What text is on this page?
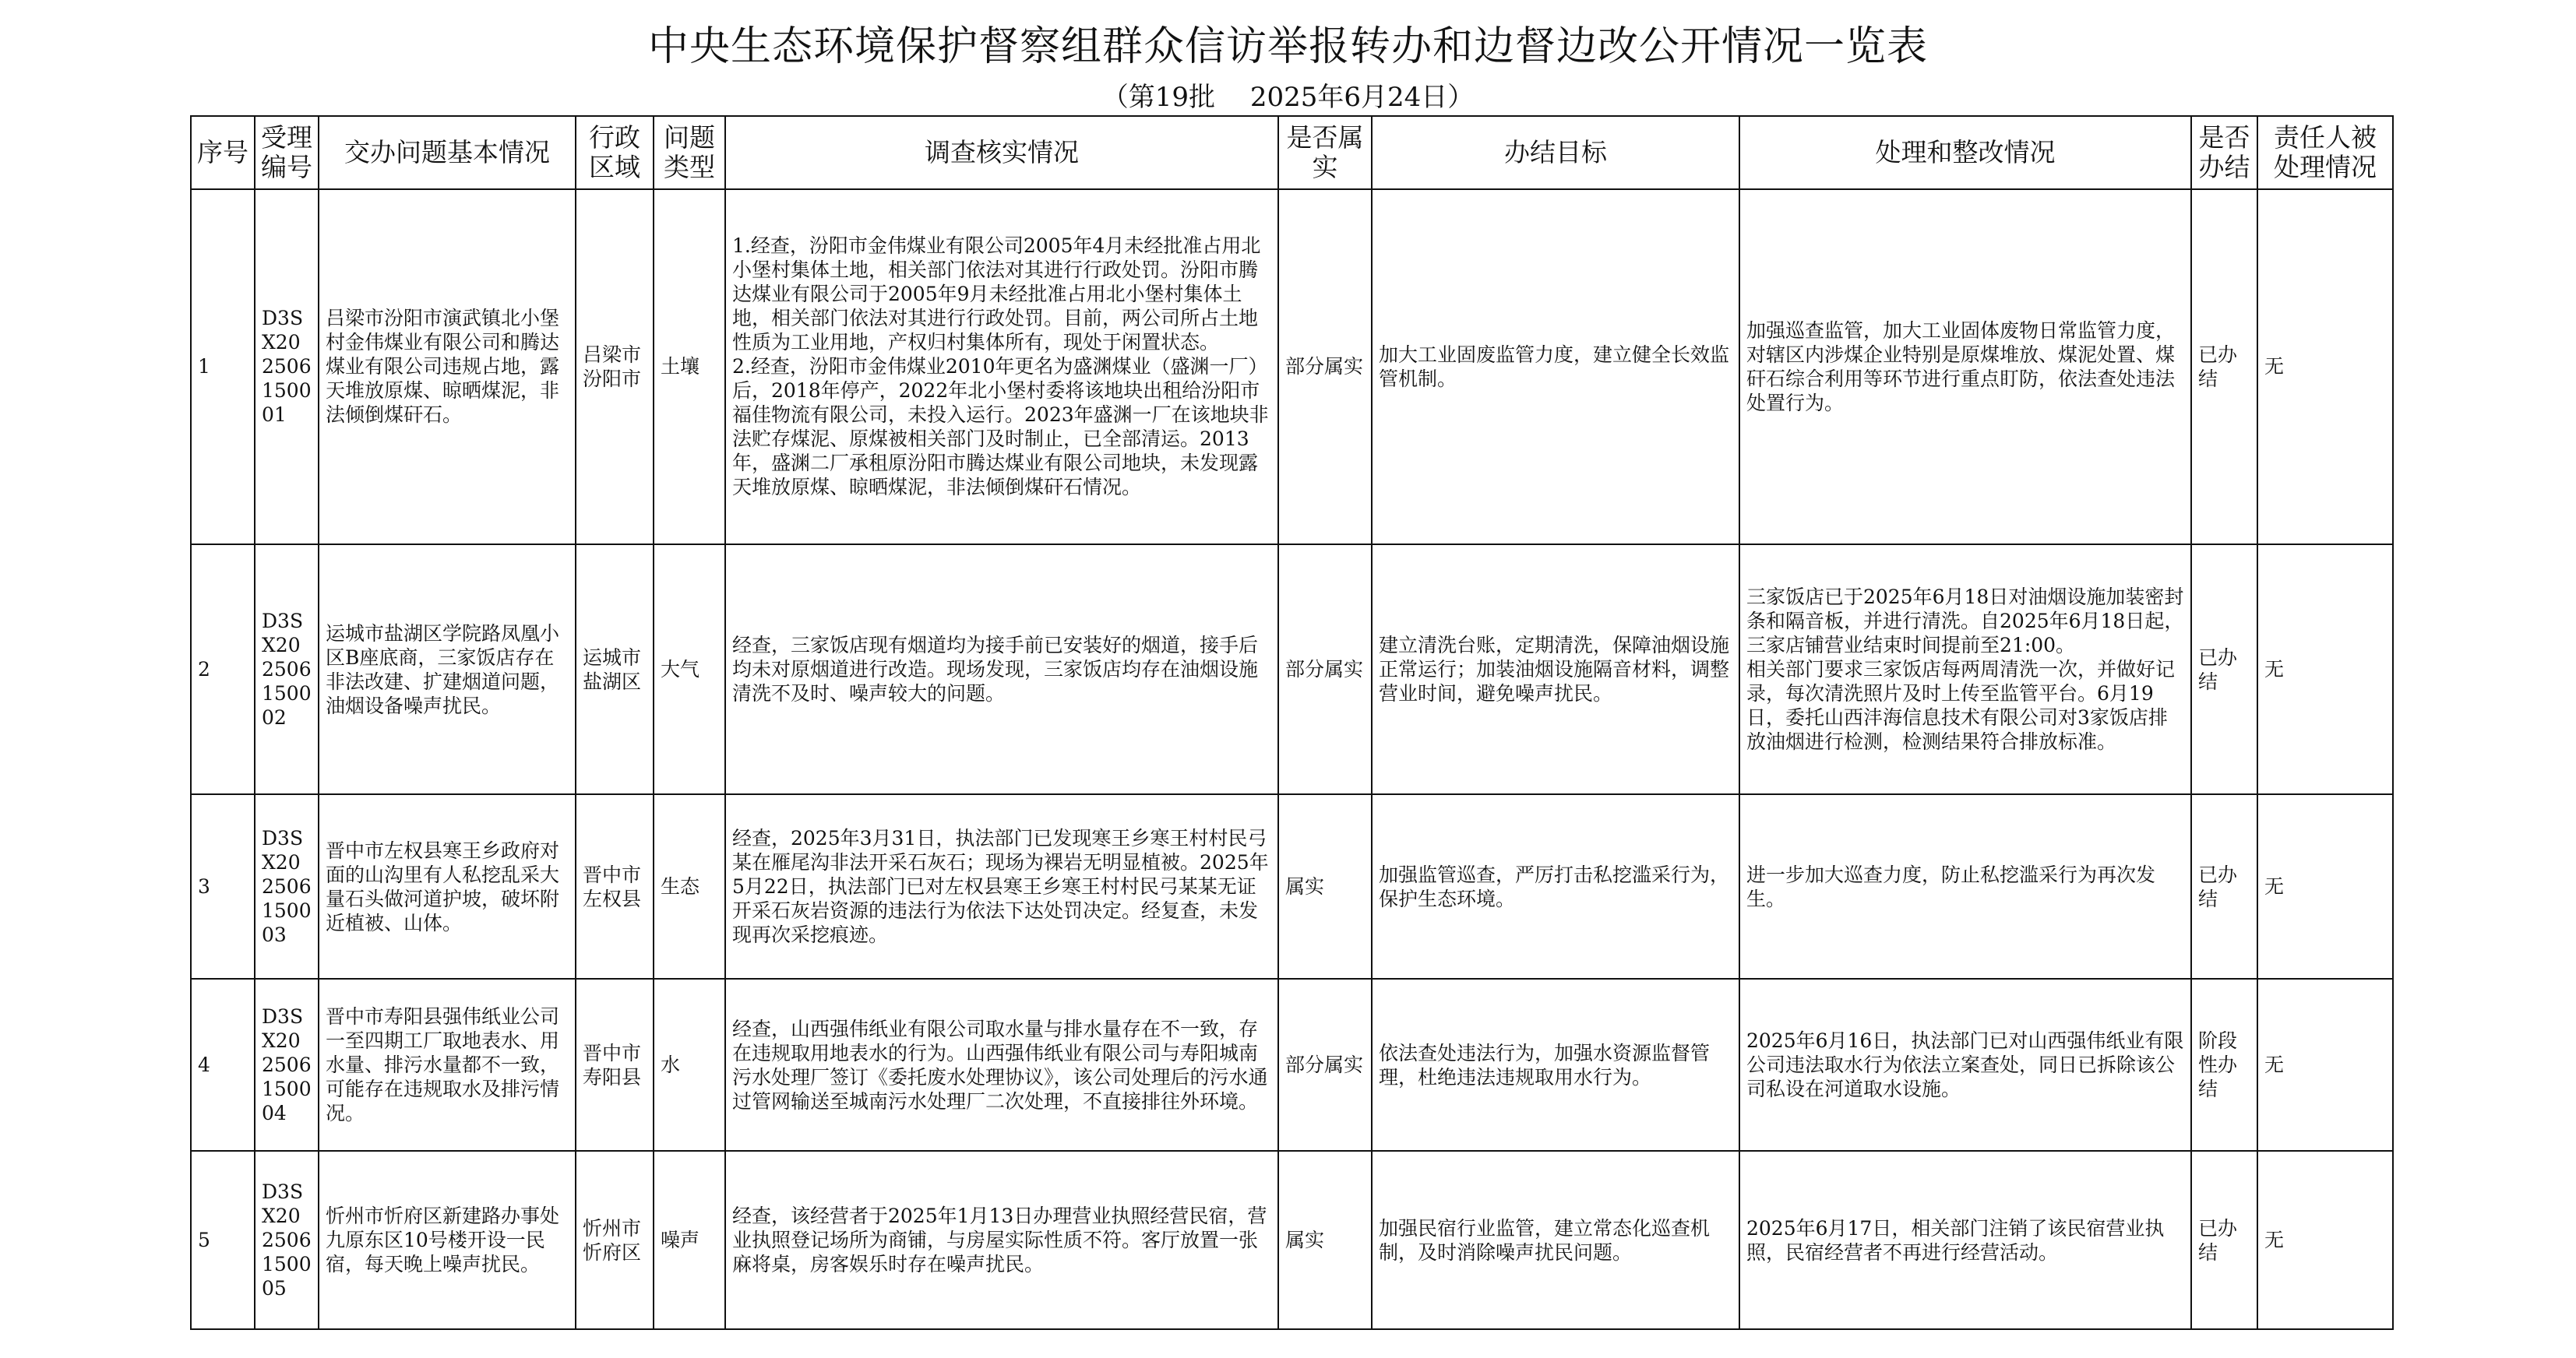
中央生态环境保护督察组群众信访举报转办和边督边改公开情况一览表
（第19批　 2025年6月24日）
序号	受理编号	交办问题基本情况	行政区域	问题类型	调查核实情况	是否属实	办结目标	处理和整改情况	是否办结	责任人被处理情况
1	D3SX202506150001	吕梁市汾阳市演武镇北小堡村金伟煤业有限公司和腾达煤业有限公司违规占地，露天堆放原煤、晾晒煤泥，非法倾倒煤矸石。	吕梁市汾阳市	土壤	1.经查，汾阳市金伟煤业有限公司2005年4月未经批准占用北小堡村集体土地，相关部门依法对其进行行政处罚。汾阳市腾达煤业有限公司于2005年9月未经批准占用北小堡村集体土地，相关部门依法对其进行行政处罚。目前，两公司所占土地性质为工业用地，产权归村集体所有，现处于闲置状态。
2.经查，汾阳市金伟煤业2010年更名为盛渊煤业（盛渊一厂）后，2018年停产，2022年北小堡村委将该地块出租给汾阳市福佳物流有限公司，未投入运行。2023年盛渊一厂在该地块非法贮存煤泥、原煤被相关部门及时制止，已全部清运。2013年，盛渊二厂承租原汾阳市腾达煤业有限公司地块，未发现露天堆放原煤、晾晒煤泥，非法倾倒煤矸石情况。	部分属实	加大工业固废监管力度，建立健全长效监管机制。	加强巡查监管，加大工业固体废物日常监管力度，对辖区内涉煤企业特别是原煤堆放、煤泥处置、煤矸石综合利用等环节进行重点盯防，依法查处违法处置行为。	已办结	无
2	D3SX202506150002	运城市盐湖区学院路凤凰小区B座底商，三家饭店存在非法改建、扩建烟道问题，油烟设备噪声扰民。	运城市盐湖区	大气	经查，三家饭店现有烟道均为接手前已安装好的烟道，接手后均未对原烟道进行改造。现场发现，三家饭店均存在油烟设施清洗不及时、噪声较大的问题。	部分属实	建立清洗台账，定期清洗，保障油烟设施正常运行；加装油烟设施隔音材料，调整营业时间，避免噪声扰民。	三家饭店已于2025年6月18日对油烟设施加装密封条和隔音板，并进行清洗。自2025年6月18日起，三家店铺营业结束时间提前至21:00。
相关部门要求三家饭店每两周清洗一次，并做好记录，每次清洗照片及时上传至监管平台。6月19日，委托山西沣海信息技术有限公司对3家饭店排放油烟进行检测，检测结果符合排放标准。	已办结	无
3	D3SX202506150003	晋中市左权县寒王乡政府对面的山沟里有人私挖乱采大量石头做河道护坡，破坏附近植被、山体。	晋中市左权县	生态	经查，2025年3月31日，执法部门已发现寒王乡寒王村村民弓某在雁尾沟非法开采石灰石；现场为裸岩无明显植被。2025年5月22日，执法部门已对左权县寒王乡寒王村村民弓某某无证开采石灰岩资源的违法行为依法下达处罚决定。经复查，未发现再次采挖痕迹。	属实	加强监管巡查，严厉打击私挖滥采行为，保护生态环境。	进一步加大巡查力度，防止私挖滥采行为再次发生。	已办结	无
4	D3SX202506150004	晋中市寿阳县强伟纸业公司一至四期工厂取地表水、用水量、排污水量都不一致，可能存在违规取水及排污情况。	晋中市寿阳县	水	经查，山西强伟纸业有限公司取水量与排水量存在不一致，存在违规取用地表水的行为。山西强伟纸业有限公司与寿阳城南污水处理厂签订《委托废水处理协议》，该公司处理后的污水通过管网输送至城南污水处理厂二次处理，不直接排往外环境。	部分属实	依法查处违法行为，加强水资源监督管理，杜绝违法违规取用水行为。	2025年6月16日，执法部门已对山西强伟纸业有限公司违法取水行为依法立案查处，同日已拆除该公司私设在河道取水设施。	阶段性办结	无
5	D3SX202506150005	忻州市忻府区新建路办事处九原东区10号楼开设一民宿，每天晚上噪声扰民。	忻州市忻府区	噪声	经查，该经营者于2025年1月13日办理营业执照经营民宿，营业执照登记场所为商铺，与房屋实际性质不符。客厅放置一张麻将桌，房客娱乐时存在噪声扰民。	属实	加强民宿行业监管，建立常态化巡查机制，及时消除噪声扰民问题。	2025年6月17日，相关部门注销了该民宿营业执照，民宿经营者不再进行经营活动。	已办结	无
